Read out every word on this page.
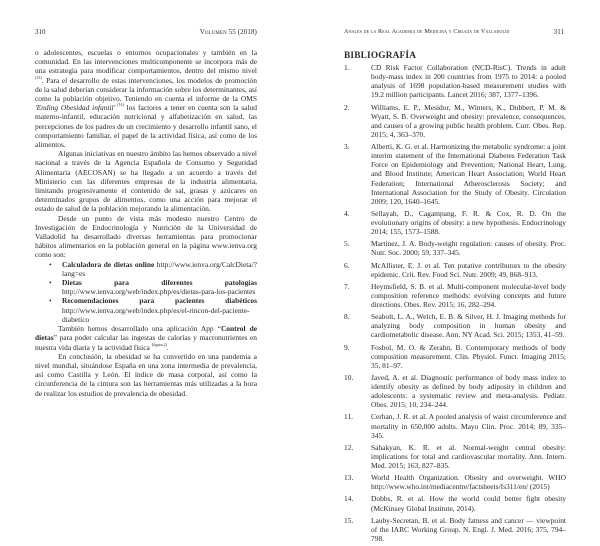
310	Volumen 55 (2018)

o adolescentes, escuelas o entornos ocupacionales y también en la comunidad. En las intervenciones multicomponente se incorpora más de una estrategia para modificar comportamientos, dentro del mismo nivel $^{(13)}$. Para el desarrollo de estas intervenciones, los modelos de promoción de la salud deberían considerar la información sobre los determinantes, así como la población objetivo. Teniendo en cuenta el informe de la OMS 'Ending Obesidad infantil' $^{(14)}$ los factores a tener en cuenta son la salud materno-infantil, educación nutricional y alfabetización en salud, las percepciones de los padres de un crecimiento y desarrollo infantil sano, el comportamiento familiar, el papel de la actividad física, así como de los alimentos.

Algunas iniciativas en nuestro ámbito las hemos observado a nivel nacional a través de la Agencia Española de Consumo y Seguridad Alimentaria (AECOSAN) se ha llegado a un acuerdo a través del Ministerio con las diferentes empresas de la industria alimentaria, limitando progresivamente el contenido de sal, grasas y azúcares en determinados grupos de alimentos, como una acción para mejorar el estado de salud de la población mejorando la alimentación.

Desde un punto de vista más modesto nuestro Centro de Investigación de Endocrinología y Nutrición de la Universidad de Valladolid ha desarrollado diversas herramientas para promocionar hábitos alimentarios en la población general en la página www.ienva.org como son:

• Calculadora de dietas online http://www.ienva.org/CalcDieta/?lang=es
• Dietas para diferentes patologías http://www.ienva.org/web/index.php/es/dietas-para-los-pacientes
• Recomendaciones para pacientes diabéticos http://www.ienva.org/web/index.php/es/el-rincon-del-paciente-diabetico

También hemos desarrollado una aplicación App “Control de dietas” para poder calcular las ingestas de calorías y macronutrientes en nuestra vida diaria y la actividad física $^{(figura 2)}$.

En conclusión, la obesidad se ha convertido en una pandemia a nivel mundial, situándose España en una zona intermedia de prevalencia, así como Castilla y León. El índice de masa corporal, así como la circunferencia de la cintura son las herramientas más utilizadas a la hora de realizar los estudios de prevalencia de obesidad.

Anales de la Real Academia de Medicina y Cirugía de Valladolid	311
BIBLIOGRAFÍA
1.	CD Risk Factor Collaboration (NCD-RisC). Trends in adult body-mass index in 200 countries from 1975 to 2014: a pooled analysis of 1698 population-based measurement studies with 19.2 million participants. Lancet 2016; 387, 1377–1396.
2.	Williams, E. P., Mesidor, M., Winters, K., Dubbert, P. M. & Wyatt, S. B. Overweight and obesity: prevalence, consequences, and causes of a growing public health problem. Curr. Obes. Rep. 2015; 4, 363–370.
3.	Alberti, K. G. et al. Harmonizing the metabolic syndrome: a joint interim statement of the International Diabetes Federation Task Force on Epidemiology and Prevention; National Heart, Lung, and Blood Institute; American Heart Association; World Heart Federation; International Atherosclerosis Society; and International Association for the Study of Obesity. Circulation 2009; 120, 1640–1645.
4.	Sellayah, D., Cagampang, F. R. & Cox, R. D. On the evolutionary origins of obesity: a new hypothesis. Endocrinology 2014; 155, 1573–1588.
5.	Martinez, J. A. Body-weight regulation: causes of obesity. Proc. Nutr. Soc. 2000; 59, 337–345.
6.	McAllister, E. J. et al. Ten putative contributors to the obesity epidemic. Crit. Rev. Food Sci. Nutr. 2009; 49, 868–913.
7.	Heymsfield, S. B. et al. Multi-component molecular-level body composition reference methods: evolving concepts and future directions. Obes. Rev. 2015; 16, 282–294.
8.	Seabolt, L. A., Welch, E. B. & Silver, H. J. Imaging methods for analyzing body composition in human obesity and cardiometabolic disease. Ann. NY Acad. Sci. 2015; 1353, 41–59.
9.	Fosbol, M. O. & Zerahn, B. Contemporary methods of body composition measurement. Clin. Physiol. Funct. Imaging 2015; 35, 81–97.
10. Javed, A. et al. Diagnostic performance of body mass index to identify obesity as defined by body adiposity in children and adolescents: a systematic review and meta-analysis. Pediatr. Obes. 2015; 10, 234–244.
11. Cerhan, J. R. et al. A pooled analysis of waist circumference and mortality in 650,000 adults. Mayo Clin. Proc. 2014; 89, 335–345.
12. Sahakyan, K. R. et al. Normal-weight central obesity: implications for total and cardiovascular mortality. Ann. Intern. Med. 2015; 163, 827–835.
13. World Health Organization. Obesity and overweight. WHO http://www.who.int/mediacentre/factsheets/fs311/en/ (2015)
14. Dobbs, R. et al. How the world could better fight obesity (McKinsey Global Institute, 2014).
15. Lauby-Secretan, B. et al. Body fatness and cancer — viewpoint of the IARC Working Group. N. Engl. J. Med. 2016; 375, 794–798.
